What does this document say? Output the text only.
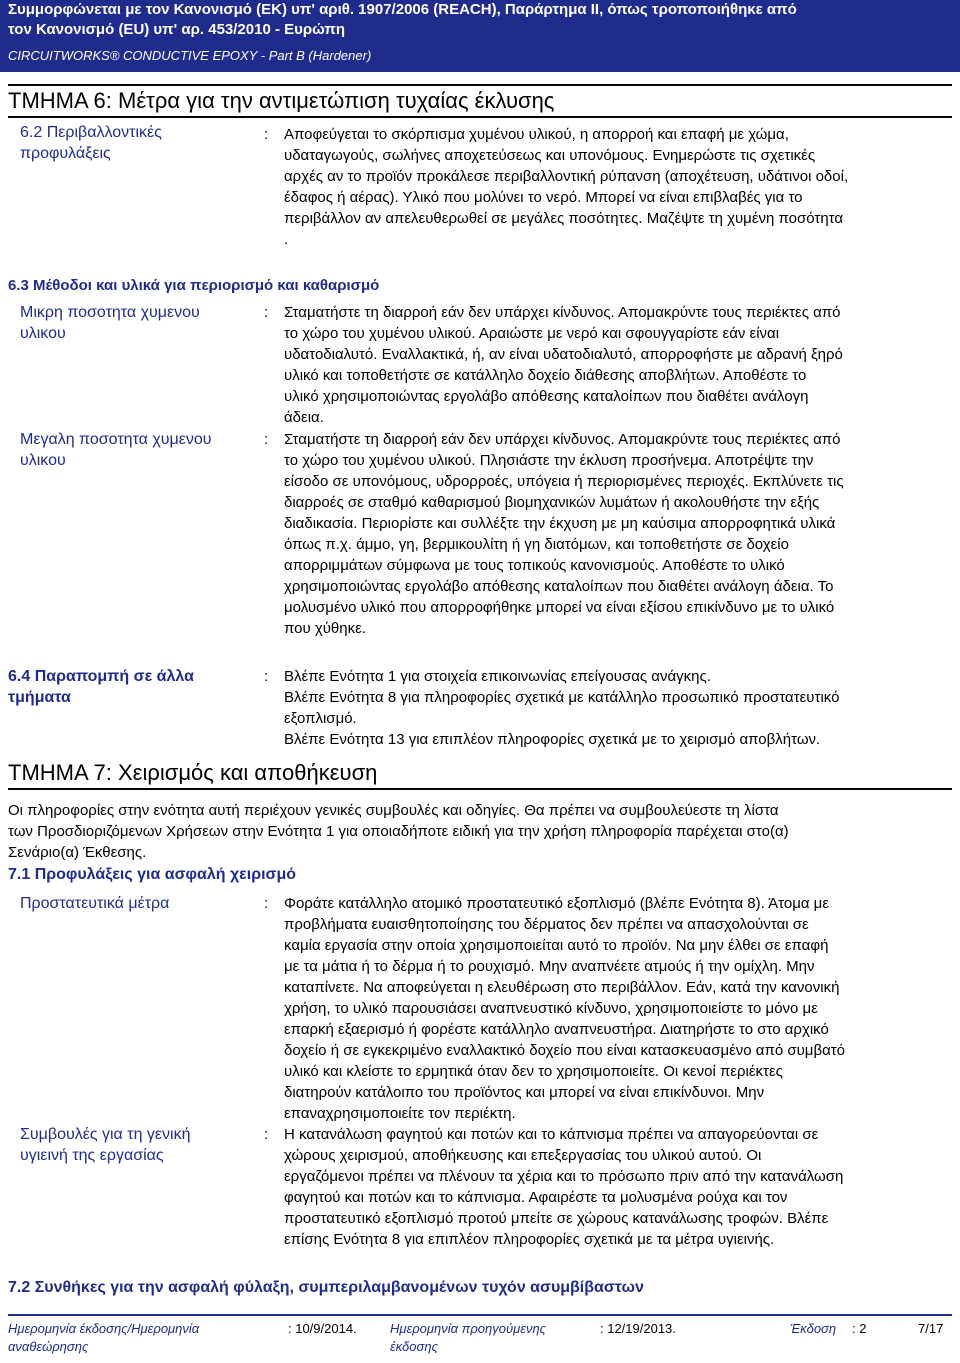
Συμμορφώνεται με τον Κανονισμό (ΕΚ) υπ' αριθ. 1907/2006 (REACH), Παράρτημα II, όπως τροποποιήθηκε από
τον Κανονισμό (ΕU) υπ' αρ. 453/2010 - Ευρώπη
CIRCUITWORKS® CONDUCTIVE EPOXY - Part B (Hardener)
ΤΜΗΜΑ 6: Μέτρα για την αντιμετώπιση τυχαίας έκλυσης
6.2 Περιβαλλοντικές
προφυλάξεις
: Αποφεύγεται το σκόρπισμα χυμένου υλικού, η απορροή και επαφή με χώμα,
υδαταγωγούς, σωλήνες αποχετεύσεως και υπονόμους. Ενημερώστε τις σχετικές
αρχές αν το προϊόν προκάλεσε περιβαλλοντική ρύπανση (αποχέτευση, υδάτινοι οδοί,
έδαφος ή αέρας). Υλικό που μολύνει το νερό. Μπορεί να είναι επιβλαβές για το
περιβάλλον αν απελευθερωθεί σε μεγάλες ποσότητες. Μαζέψτε τη χυμένη ποσότητα
.
6.3 Μέθοδοι και υλικά για περιορισμό και καθαρισμό
Μικρη ποσοτητα χυμενου
υλικου
: Σταματήστε τη διαρροή εάν δεν υπάρχει κίνδυνος. Απομακρύντε τους περιέκτες από
το χώρο του χυμένου υλικού. Αραιώστε με νερό και σφουγγαρίστε εάν είναι
υδατοδιαλυτό. Εναλλακτικά, ή, αν είναι υδατοδιαλυτό, απορροφήστε με αδρανή ξηρό
υλικό και τοποθετήστε σε κατάλληλο δοχείο διάθεσης αποβλήτων. Αποθέστε το
υλικό χρησιμοποιώντας εργολάβο απόθεσης καταλοίπων που διαθέτει ανάλογη
άδεια.
Μεγαλη ποσοτητα χυμενου
υλικου
: Σταματήστε τη διαρροή εάν δεν υπάρχει κίνδυνος. Απομακρύντε τους περιέκτες από
το χώρο του χυμένου υλικού. Πλησιάστε την έκλυση προσήνεμα. Αποτρέψτε την
είσοδο σε υπονόμους, υδρορροές, υπόγεια ή περιορισμένες περιοχές. Εκπλύνετε τις
διαρροές σε σταθμό καθαρισμού βιομηχανικών λυμάτων ή ακολουθήστε την εξής
διαδικασία. Περιορίστε και συλλέξτε την έκχυση με μη καύσιμα απορροφητικά υλικά
όπως π.χ. άμμο, γη, βερμικουλίτη ή γη διατόμων, και τοποθετήστε σε δοχείο
απορριμμάτων σύμφωνα με τους τοπικούς κανονισμούς. Αποθέστε το υλικό
χρησιμοποιώντας εργολάβο απόθεσης καταλοίπων που διαθέτει ανάλογη άδεια. Το
μολυσμένο υλικό που απορροφήθηκε μπορεί να είναι εξίσου επικίνδυνο με το υλικό
που χύθηκε.
6.4 Παραπομπή σε άλλα
τμήματα
: Βλέπε Ενότητα 1 για στοιχεία επικοινωνίας επείγουσας ανάγκης.
Βλέπε Ενότητα 8 για πληροφορίες σχετικά με κατάλληλο προσωπικό προστατευτικό
εξοπλισμό.
Βλέπε Ενότητα 13 για επιπλέον πληροφορίες σχετικά με το χειρισμό αποβλήτων.
ΤΜΗΜΑ 7: Χειρισμός και αποθήκευση
Οι πληροφορίες στην ενότητα αυτή περιέχουν γενικές συμβουλές και οδηγίες. Θα πρέπει να συμβουλεύεστε τη λίστα
των Προσδιοριζόμενων Χρήσεων στην Ενότητα 1 για οποιαδήποτε ειδική για την χρήση πληροφορία παρέχεται στο(α)
Σενάριο(α) Έκθεσης.
7.1 Προφυλάξεις για ασφαλή χειρισμό
Προστατευτικά μέτρα	: Φοράτε κατάλληλο ατομικό προστατευτικό εξοπλισμό (βλέπε Ενότητα 8). Άτομα με
προβλήματα ευαισθητοποίησης του δέρματος δεν πρέπει να απασχολούνται σε
καμία εργασία στην οποία χρησιμοποιείται αυτό το προϊόν. Να μην έλθει σε επαφή
με τα μάτια ή το δέρμα ή το ρουχισμό. Μην αναπνέετε ατμούς ή την ομίχλη. Μην
καταπίνετε. Να αποφεύγεται η ελευθέρωση στο περιβάλλον. Εάν, κατά την κανονική
χρήση, το υλικό παρουσιάσει αναπνευστικό κίνδυνο, χρησιμοποιείστε το μόνο με
επαρκή εξαερισμό ή φορέστε κατάλληλο αναπνευστήρα. Διατηρήστε το στο αρχικό
δοχείο ή σε εγκεκριμένο εναλλακτικό δοχείο που είναι κατασκευασμένο από συμβατό
υλικό και κλείστε το ερμητικά όταν δεν το χρησιμοποιείτε. Οι κενοί περιέκτες
διατηρούν κατάλοιπο του προϊόντος και μπορεί να είναι επικίνδυνοι. Μην
επαναχρησιμοποιείτε τον περιέκτη.
Συμβουλές για τη γενική
υγιεινή της εργασίας
: Η κατανάλωση φαγητού και ποτών και το κάπνισμα πρέπει να απαγορεύονται σε
χώρους χειρισμού, αποθήκευσης και επεξεργασίας του υλικού αυτού. Οι
εργαζόμενοι πρέπει να πλένουν τα χέρια και το πρόσωπο πριν από την κατανάλωση
φαγητού και ποτών και το κάπνισμα. Αφαιρέστε τα μολυσμένα ρούχα και τον
προστατευτικό εξοπλισμό προτού μπείτε σε χώρους κατανάλωσης τροφών. Βλέπε
επίσης Ενότητα 8 για επιπλέον πληροφορίες σχετικά με τα μέτρα υγιεινής.
7.2 Συνθήκες για την ασφαλή φύλαξη, συμπεριλαμβανομένων τυχόν ασυμβίβαστων
Ημερομηνία έκδοσης/Ημερομηνία
αναθεώρησης
: 10/9/2014.	Ημερομηνία προηγούμενης
έκδοσης
: 12/19/2013.	Έκδοση : 2	7/17
